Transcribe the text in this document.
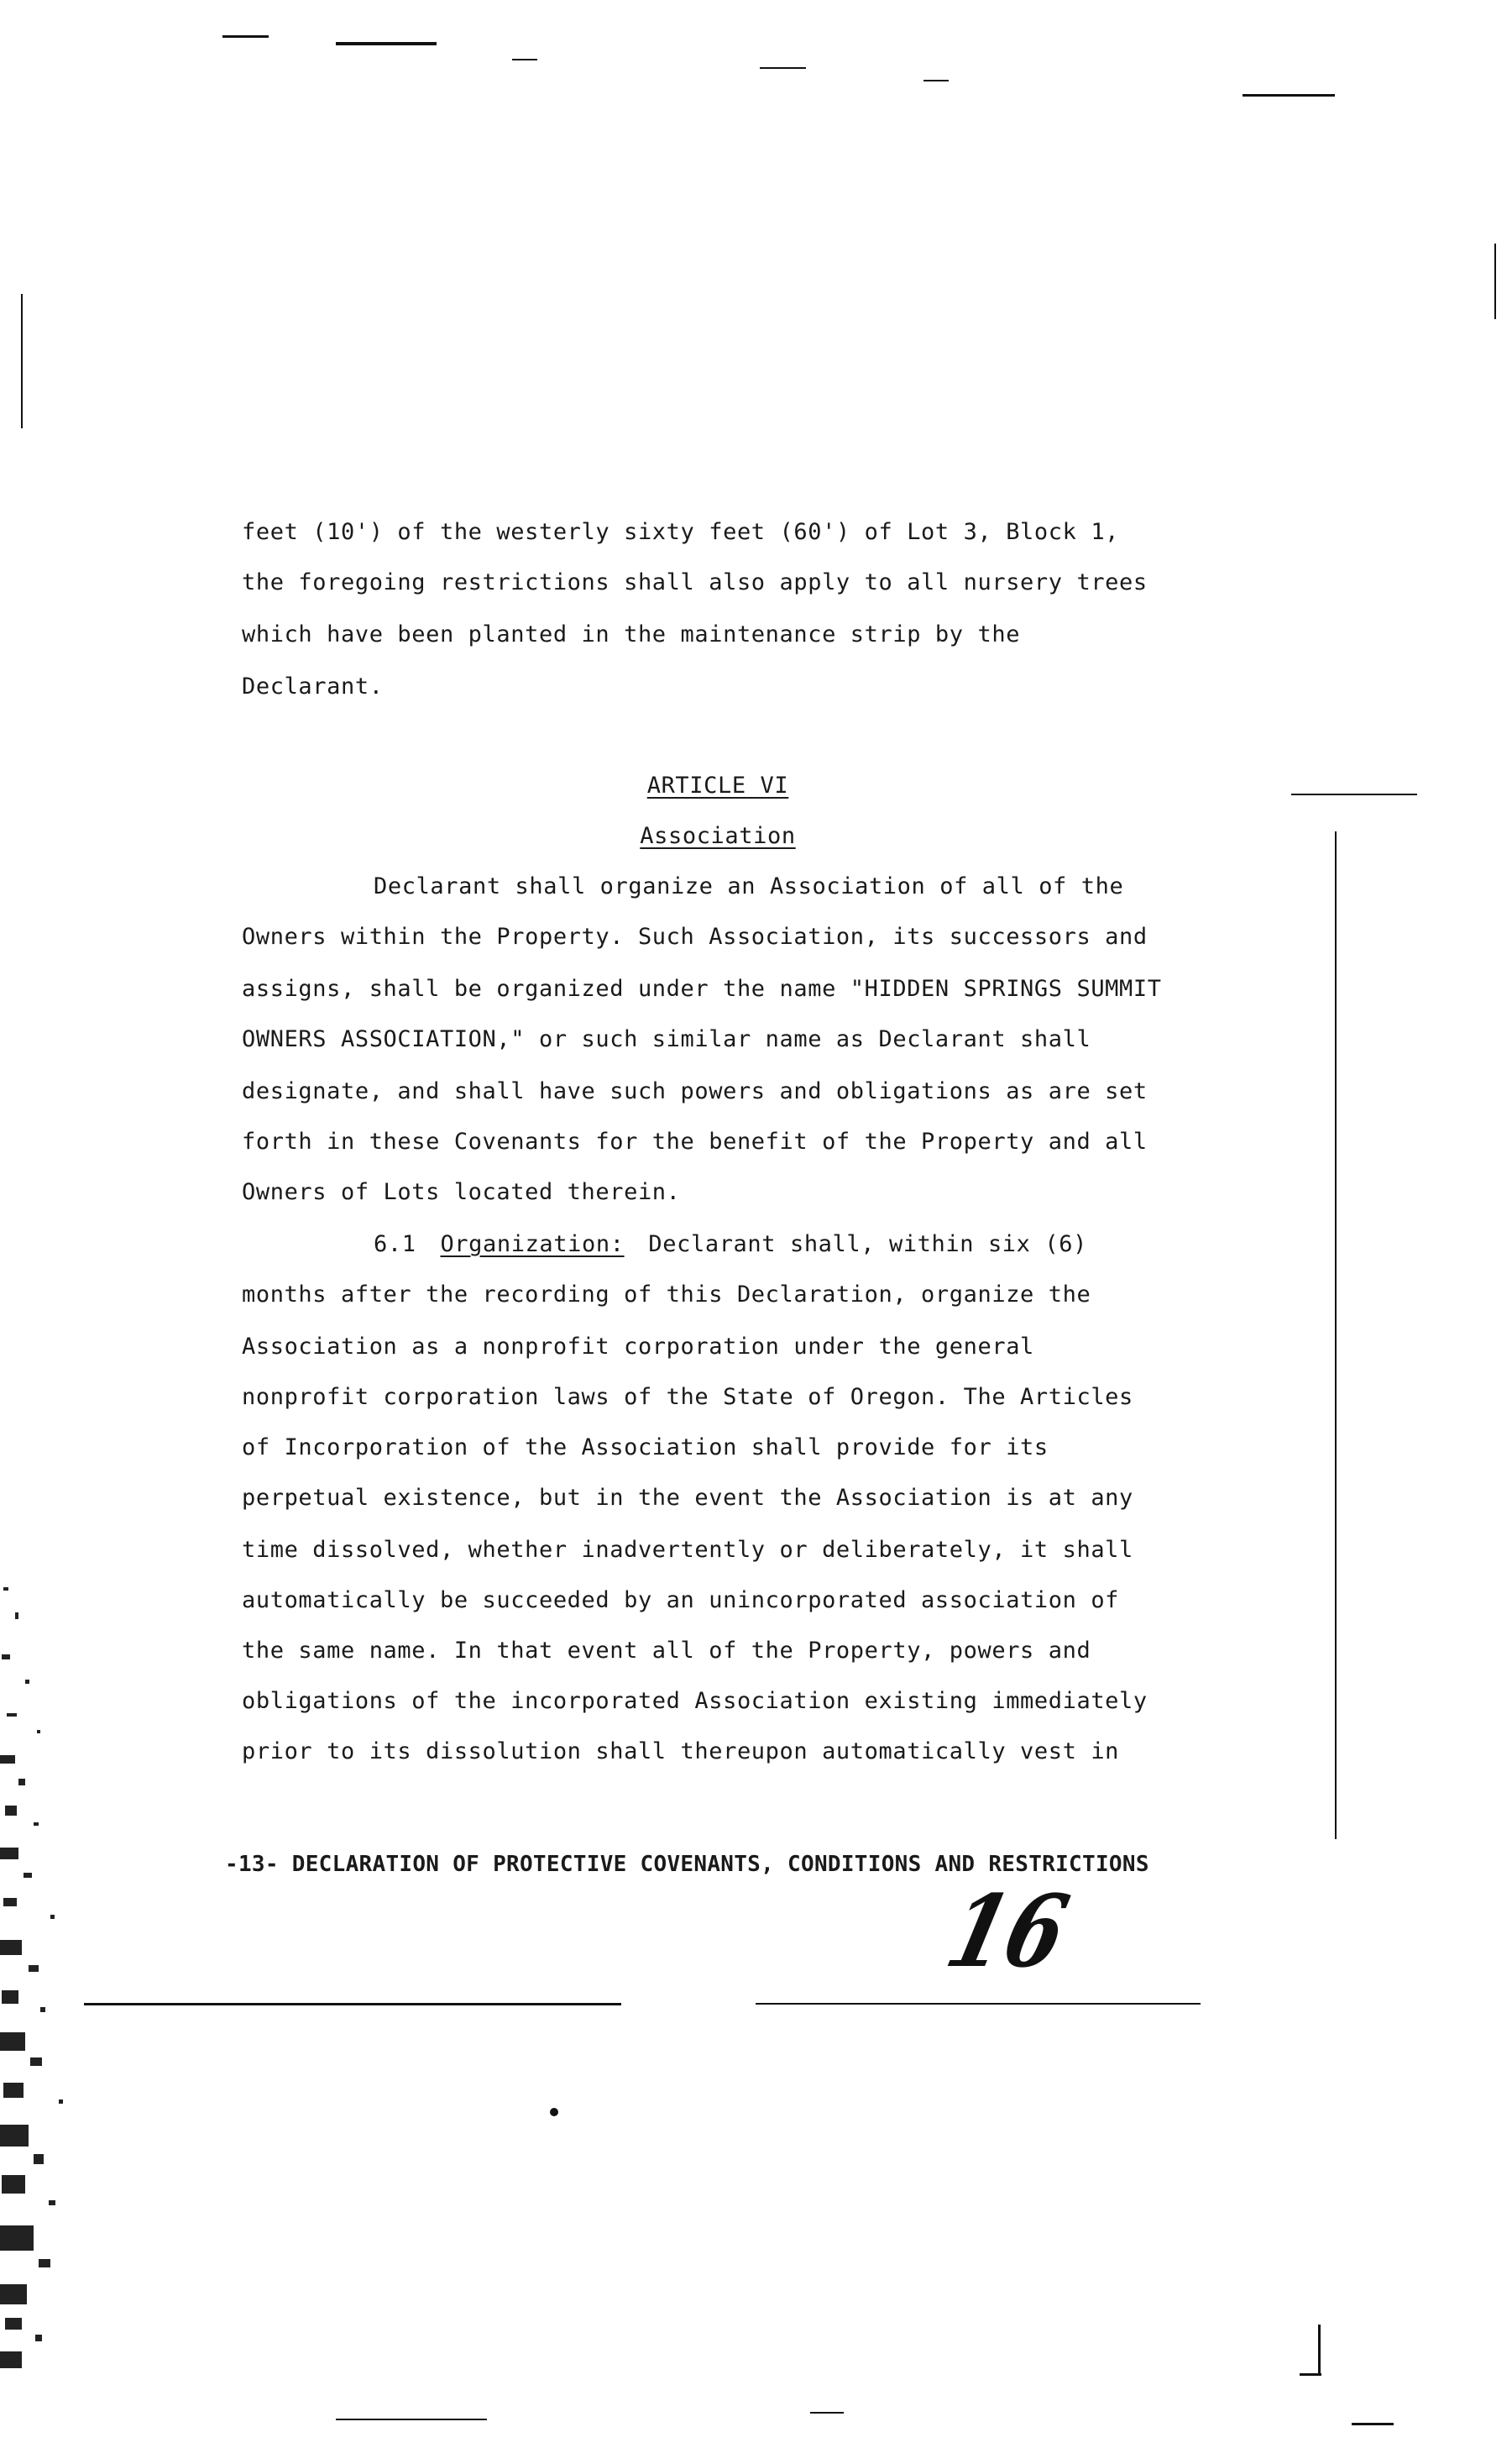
feet (10') of the westerly sixty feet (60') of Lot 3, Block 1,
the foregoing restrictions shall also apply to all nursery trees
which have been planted in the maintenance strip by the
Declarant.
ARTICLE VI
Association
Declarant shall organize an Association of all of the
Owners within the Property. Such Association, its successors and
assigns, shall be organized under the name "HIDDEN SPRINGS SUMMIT
OWNERS ASSOCIATION," or such similar name as Declarant shall
designate, and shall have such powers and obligations as are set
forth in these Covenants for the benefit of the Property and all
Owners of Lots located therein.
6.1 Organization: Declarant shall, within six (6)
months after the recording of this Declaration, organize the
Association as a nonprofit corporation under the general
nonprofit corporation laws of the State of Oregon. The Articles
of Incorporation of the Association shall provide for its
perpetual existence, but in the event the Association is at any
time dissolved, whether inadvertently or deliberately, it shall
automatically be succeeded by an unincorporated association of
the same name. In that event all of the Property, powers and
obligations of the incorporated Association existing immediately
prior to its dissolution shall thereupon automatically vest in
-13- DECLARATION OF PROTECTIVE COVENANTS, CONDITIONS AND RESTRICTIONS
16
